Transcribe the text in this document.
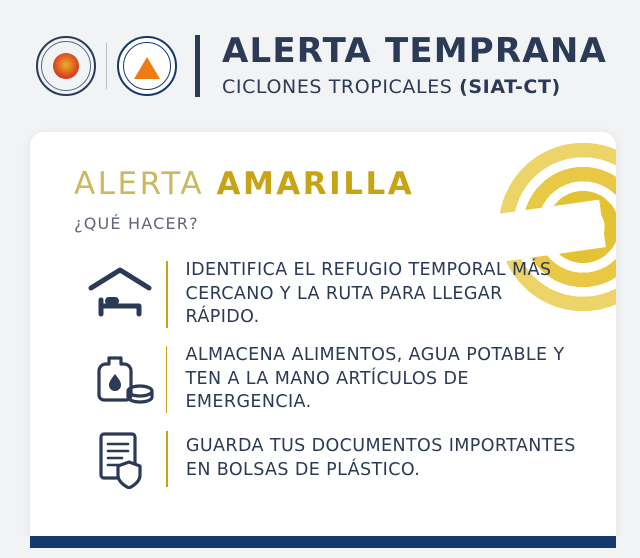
ALERTA TEMPRANA
CICLONES TROPICALES (SIAT-CT)
ALERTA AMARILLA
¿QUÉ HACER?
IDENTIFICA EL REFUGIO TEMPORAL MÁS CERCANO Y LA RUTA PARA LLEGAR RÁPIDO.
ALMACENA ALIMENTOS, AGUA POTABLE Y TEN A LA MANO ARTÍCULOS DE EMERGENCIA.
GUARDA TUS DOCUMENTOS IMPORTANTES EN BOLSAS DE PLÁSTICO.
